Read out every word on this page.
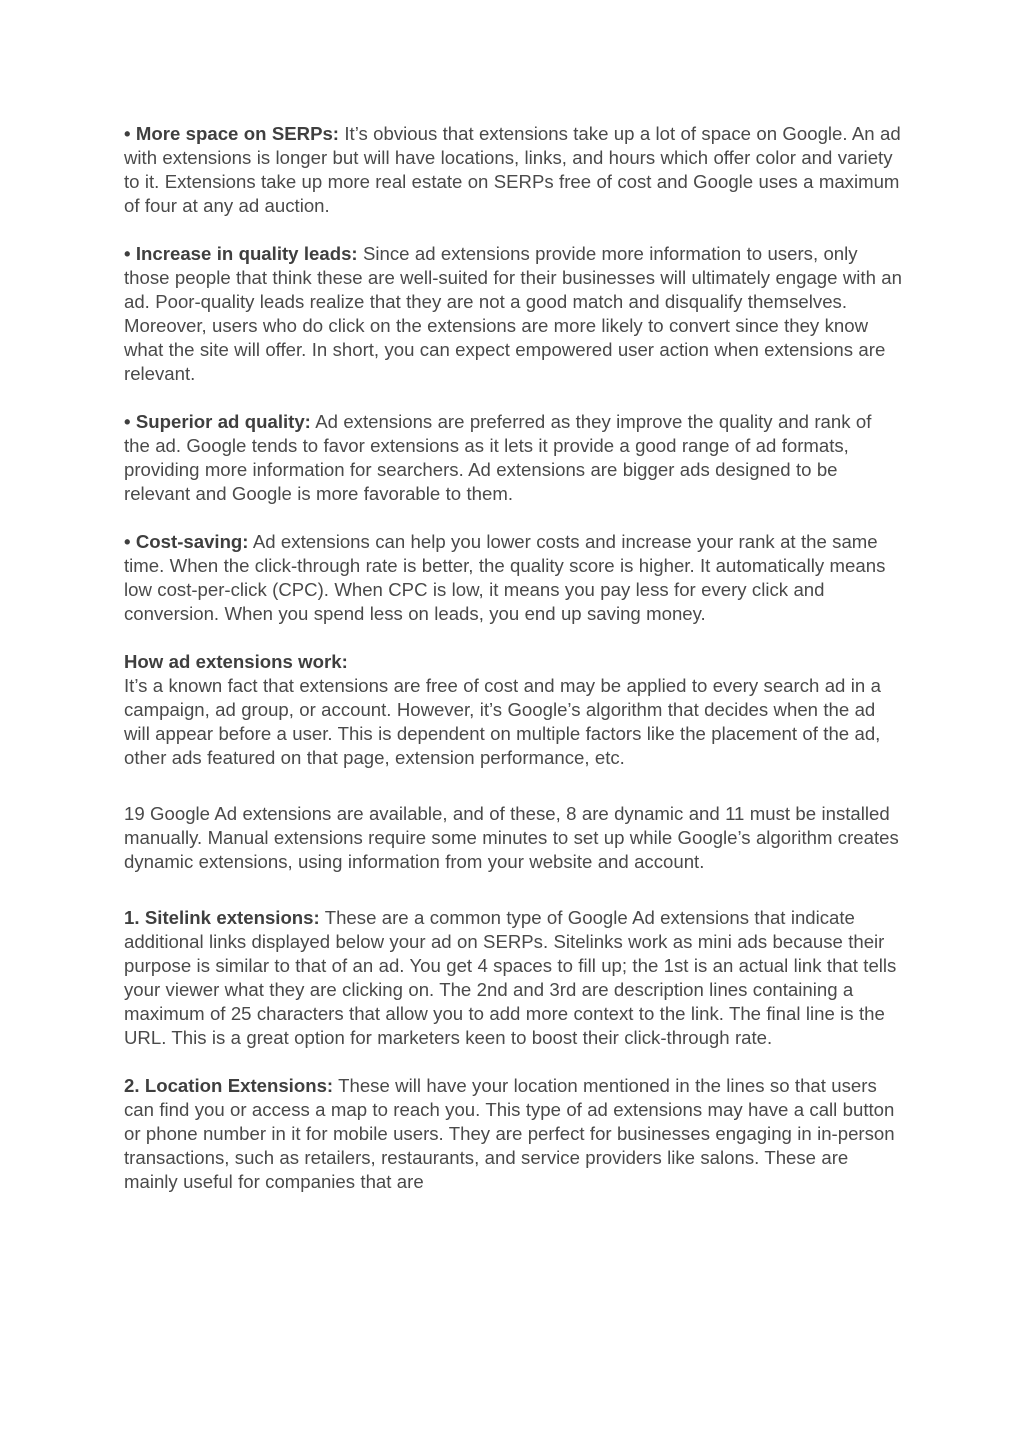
• More space on SERPs: It’s obvious that extensions take up a lot of space on Google. An ad with extensions is longer but will have locations, links, and hours which offer color and variety to it. Extensions take up more real estate on SERPs free of cost and Google uses a maximum of four at any ad auction.

• Increase in quality leads: Since ad extensions provide more information to users, only those people that think these are well-suited for their businesses will ultimately engage with an ad. Poor-quality leads realize that they are not a good match and disqualify themselves. Moreover, users who do click on the extensions are more likely to convert since they know what the site will offer. In short, you can expect empowered user action when extensions are relevant.

• Superior ad quality: Ad extensions are preferred as they improve the quality and rank of the ad. Google tends to favor extensions as it lets it provide a good range of ad formats, providing more information for searchers. Ad extensions are bigger ads designed to be relevant and Google is more favorable to them.

• Cost-saving: Ad extensions can help you lower costs and increase your rank at the same time. When the click-through rate is better, the quality score is higher. It automatically means low cost-per-click (CPC). When CPC is low, it means you pay less for every click and conversion. When you spend less on leads, you end up saving money.

How ad extensions work:
It’s a known fact that extensions are free of cost and may be applied to every search ad in a campaign, ad group, or account. However, it’s Google’s algorithm that decides when the ad will appear before a user. This is dependent on multiple factors like the placement of the ad, other ads featured on that page, extension performance, etc.

19 Google Ad extensions are available, and of these, 8 are dynamic and 11 must be installed manually. Manual extensions require some minutes to set up while Google’s algorithm creates dynamic extensions, using information from your website and account.

1. Sitelink extensions: These are a common type of Google Ad extensions that indicate additional links displayed below your ad on SERPs. Sitelinks work as mini ads because their purpose is similar to that of an ad. You get 4 spaces to fill up; the 1st is an actual link that tells your viewer what they are clicking on. The 2nd and 3rd are description lines containing a maximum of 25 characters that allow you to add more context to the link. The final line is the URL. This is a great option for marketers keen to boost their click-through rate.

2. Location Extensions: These will have your location mentioned in the lines so that users can find you or access a map to reach you. This type of ad extensions may have a call button or phone number in it for mobile users. They are perfect for businesses engaging in in-person transactions, such as retailers, restaurants, and service providers like salons. These are mainly useful for companies that are
